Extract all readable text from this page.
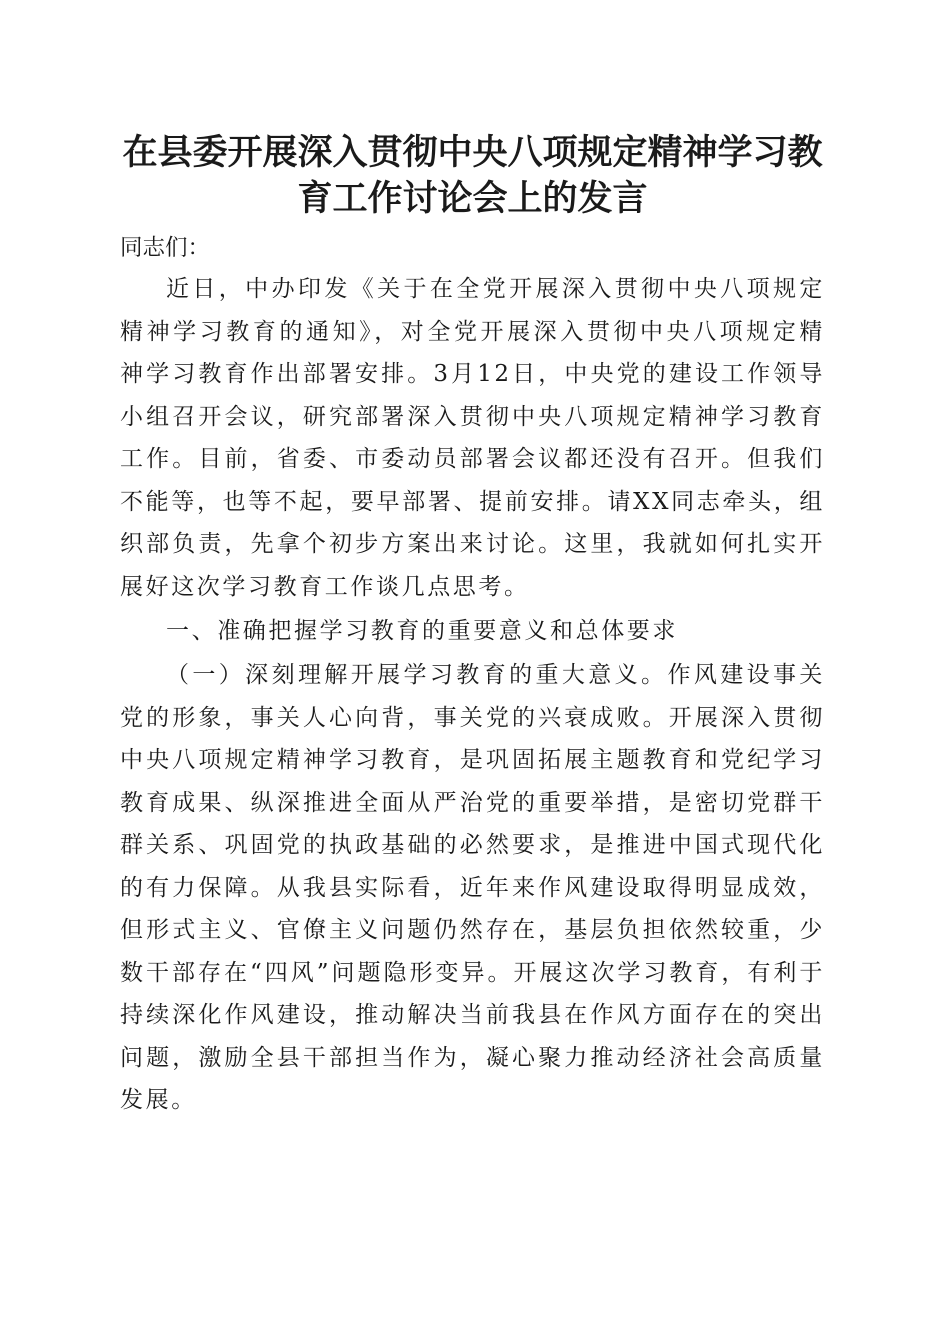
在县委开展深入贯彻中央八项规定精神学习教育工作讨论会上的发言

同志们：

近日，中办印发《关于在全党开展深入贯彻中央八项规定精神学习教育的通知》，对全党开展深入贯彻中央八项规定精神学习教育作出部署安排。3月12日，中央党的建设工作领导小组召开会议，研究部署深入贯彻中央八项规定精神学习教育工作。目前，省委、市委动员部署会议都还没有召开。但我们不能等，也等不起，要早部署、提前安排。请XX同志牵头，组织部负责，先拿个初步方案出来讨论。这里，我就如何扎实开展好这次学习教育工作谈几点思考。

一、准确把握学习教育的重要意义和总体要求

（一）深刻理解开展学习教育的重大意义。作风建设事关党的形象，事关人心向背，事关党的兴衰成败。开展深入贯彻中央八项规定精神学习教育，是巩固拓展主题教育和党纪学习教育成果、纵深推进全面从严治党的重要举措，是密切党群干群关系、巩固党的执政基础的必然要求，是推进中国式现代化的有力保障。从我县实际看，近年来作风建设取得明显成效，但形式主义、官僚主义问题仍然存在，基层负担依然较重，少数干部存在“四风”问题隐形变异。开展这次学习教育，有利于持续深化作风建设，推动解决当前我县在作风方面存在的突出问题，激励全县干部担当作为，凝心聚力推动经济社会高质量发展。
